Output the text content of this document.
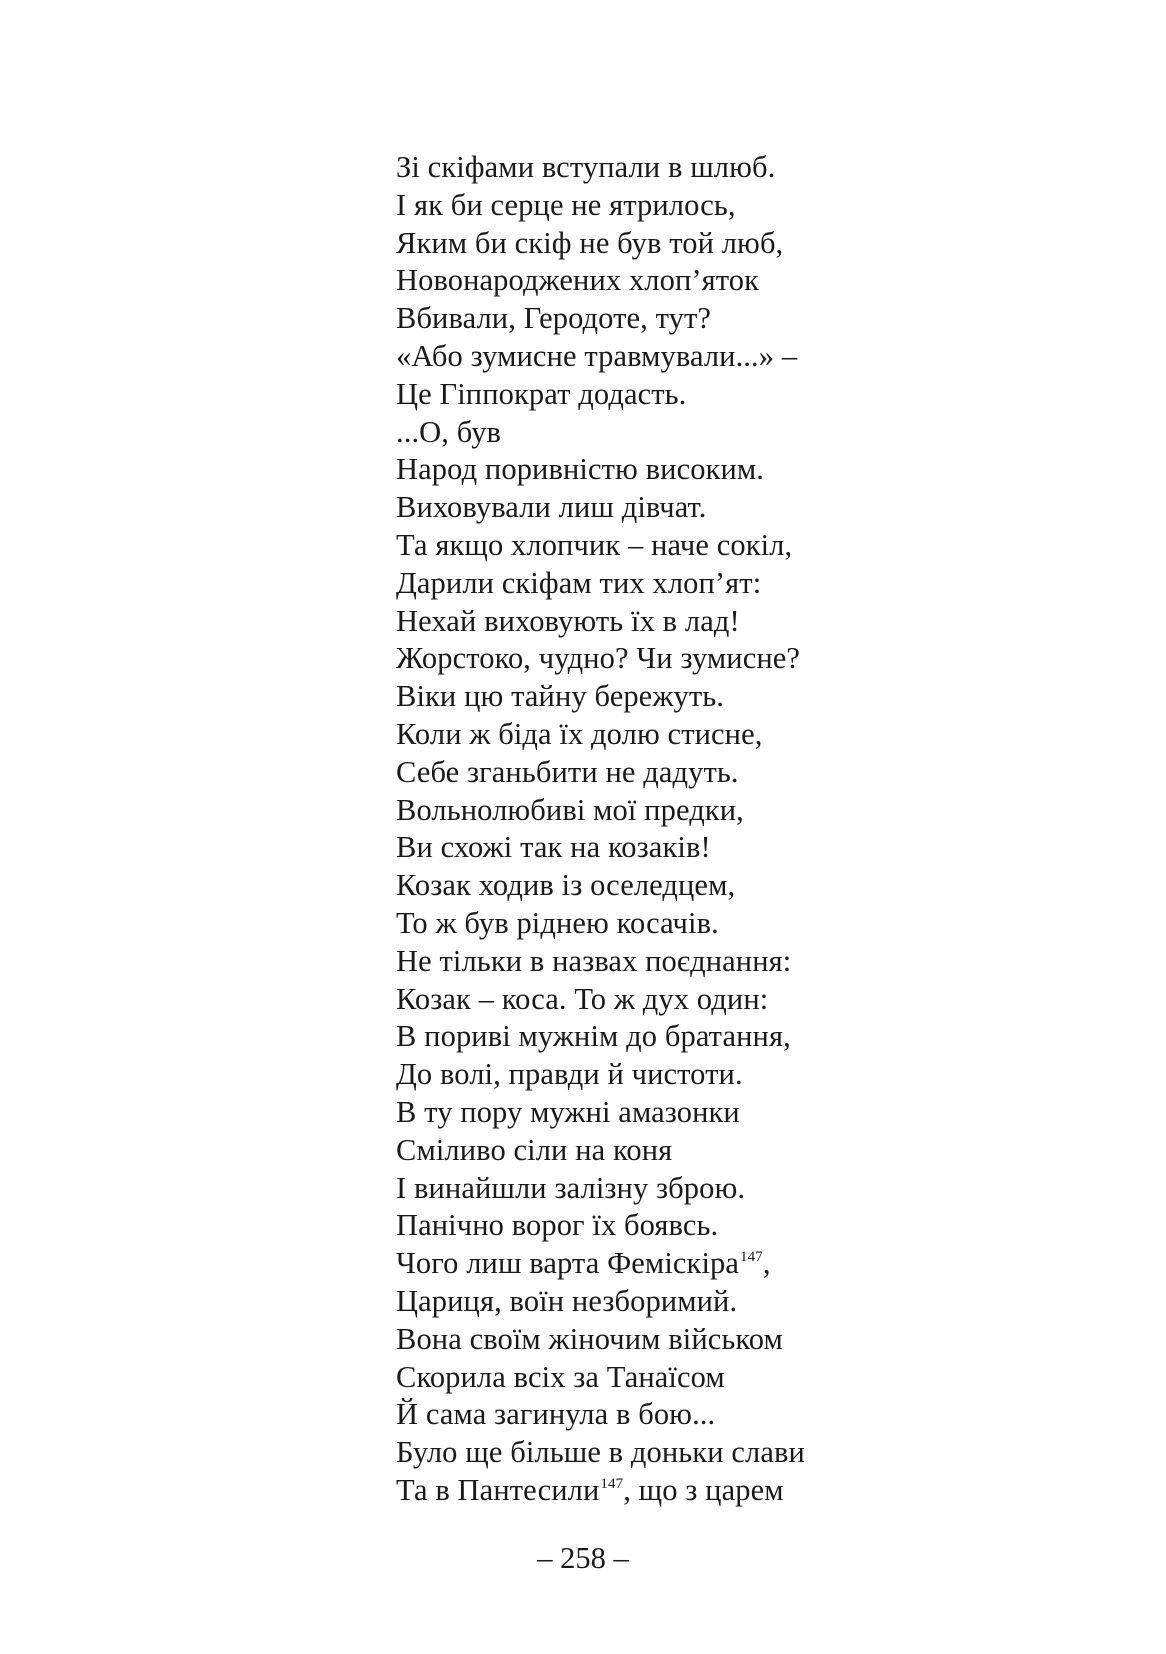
Зі скіфами вступали в шлюб.
І як би серце не ятрилось,
Яким би скіф не був той люб,
Новонароджених хлоп’яток
Вбивали, Геродоте, тут?
«Або зумисне травмували...» –
Це Гіппократ додасть.
...О, був
Народ поривністю високим.
Виховували лиш дівчат.
Та якщо хлопчик – наче сокіл,
Дарили скіфам тих хлоп’ят:
Нехай виховують їх в лад!
Жорстоко, чудно? Чи зумисне?
Віки цю тайну бережуть.
Коли ж біда їх долю стисне,
Себе зганьбити не дадуть.
Вольнолюбиві мої предки,
Ви схожі так на козаків!
Козак ходив із оселедцем,
То ж був ріднею косачів.
Не тільки в назвах поєднання:
Козак – коса. То ж дух один:
В пориві мужнім до братання,
До волі, правди й чистоти.
В ту пору мужні амазонки
Сміливо сіли на коня
І винайшли залізну зброю.
Панічно ворог їх боявсь.
Чого лиш варта Феміскіра$^{147}$,
Цариця, воїн незборимий.
Вона своїм жіночим військом
Скорила всіх за Танаїсом
Й сама загинула в бою...
Було ще більше в доньки слави
Та в Пантесили$^{147}$, що з царем
– 258 –
